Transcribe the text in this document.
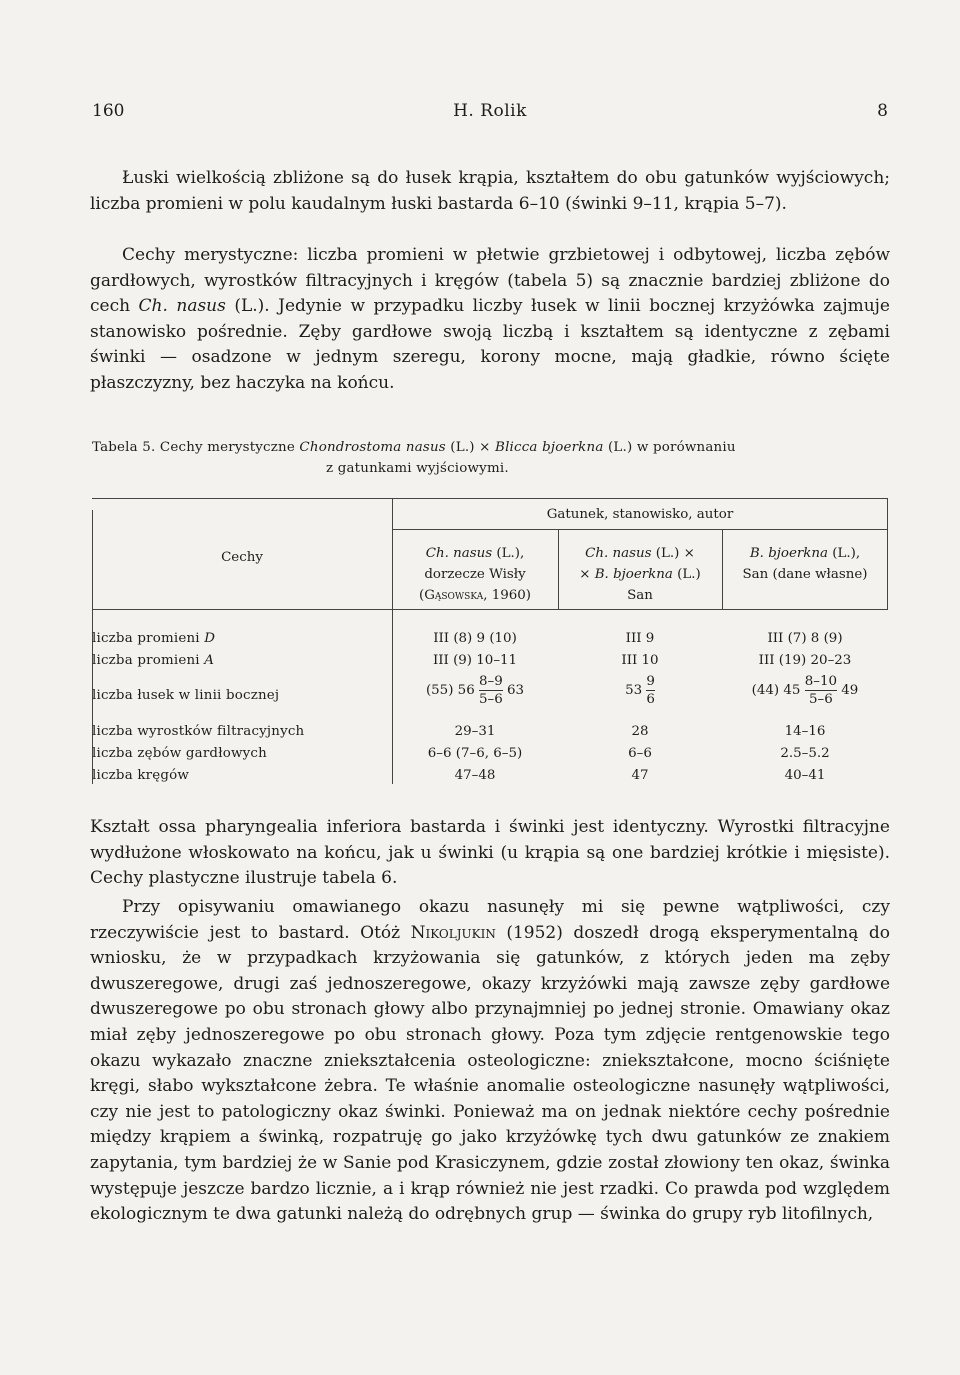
160	H. Rolik	8

Łuski wielkością zbliżone są do łusek krąpia, kształtem do obu gatunków wyjściowych; liczba promieni w polu kaudalnym łuski bastarda 6–10 (świnki 9–11, krąpia 5–7).

Cechy merystyczne: liczba promieni w płetwie grzbietowej i odbytowej, liczba zębów gardłowych, wyrostków filtracyjnych i kręgów (tabela 5) są znacznie bardziej zbliżone do cech Ch. nasus (L.). Jedynie w przypadku liczby łusek w linii bocznej krzyżówka zajmuje stanowisko pośrednie. Zęby gardłowe swoją liczbą i kształtem są identyczne z zębami świnki — osadzone w jednym szeregu, korony mocne, mają gładkie, równo ścięte płaszczyzny, bez haczyka na końcu.

Tabela 5. Cechy merystyczne Chondrostoma nasus (L.) × Blicca bjoerkna (L.) w porównaniu
z gatunkami wyjściowymi.
Gatunek, stanowisko, autor
Cechy	Ch. nasus (L.),
dorzecze Wisły
(Gąsowska, 1960)
Ch. nasus (L.) ×
× B. bjoerkna (L.)
San
B. bjoerkna (L.),
San (dane własne)
liczba promieni D	III (8) 9 (10)	III 9	III (7) 8 (9)
liczba promieni A	III (9) 10–11	III 10	III (19) 20–23
liczba łusek w linii bocznej	(55) $56 \frac{8-9}{5-6} 63$	$53 \frac{9}{6}$	(44) $45 \frac{8-10}{5-6} 49$
liczba wyrostków filtracyjnych	29–31	28	14–16
liczba zębów gardłowych	6–6 (7–6, 6–5)	6–6	2.5–5.2
liczba kręgów	47–48	47	40–41

Kształt ossa pharyngealia inferiora bastarda i świnki jest identyczny. Wyrostki filtracyjne wydłużone włoskowato na końcu, jak u świnki (u krąpia są one bardziej krótkie i mięsiste). Cechy plastyczne ilustruje tabela 6.

Przy opisywaniu omawianego okazu nasunęły mi się pewne wątpliwości, czy rzeczywiście jest to bastard. Otóż Nikoljukin (1952) doszedł drogą eksperymentalną do wniosku, że w przypadkach krzyżowania się gatunków, z których jeden ma zęby dwuszeregowe, drugi zaś jednoszeregowe, okazy krzyżówki mają zawsze zęby gardłowe dwuszeregowe po obu stronach głowy albo przynajmniej po jednej stronie. Omawiany okaz miał zęby jednoszeregowe po obu stronach głowy. Poza tym zdjęcie rentgenowskie tego okazu wykazało znaczne zniekształcenia osteologiczne: zniekształcone, mocno ściśnięte kręgi, słabo wykształcone żebra. Te właśnie anomalie osteologiczne nasunęły wątpliwości, czy nie jest to patologiczny okaz świnki. Ponieważ ma on jednak niektóre cechy pośrednie między krąpiem a świnką, rozpatruję go jako krzyżówkę tych dwu gatunków ze znakiem zapytania, tym bardziej że w Sanie pod Krasiczynem, gdzie został złowiony ten okaz, świnka występuje jeszcze bardzo licznie, a i krąp również nie jest rzadki. Co prawda pod względem ekologicznym te dwa gatunki należą do odrębnych grup — świnka do grupy ryb litofilnych,
